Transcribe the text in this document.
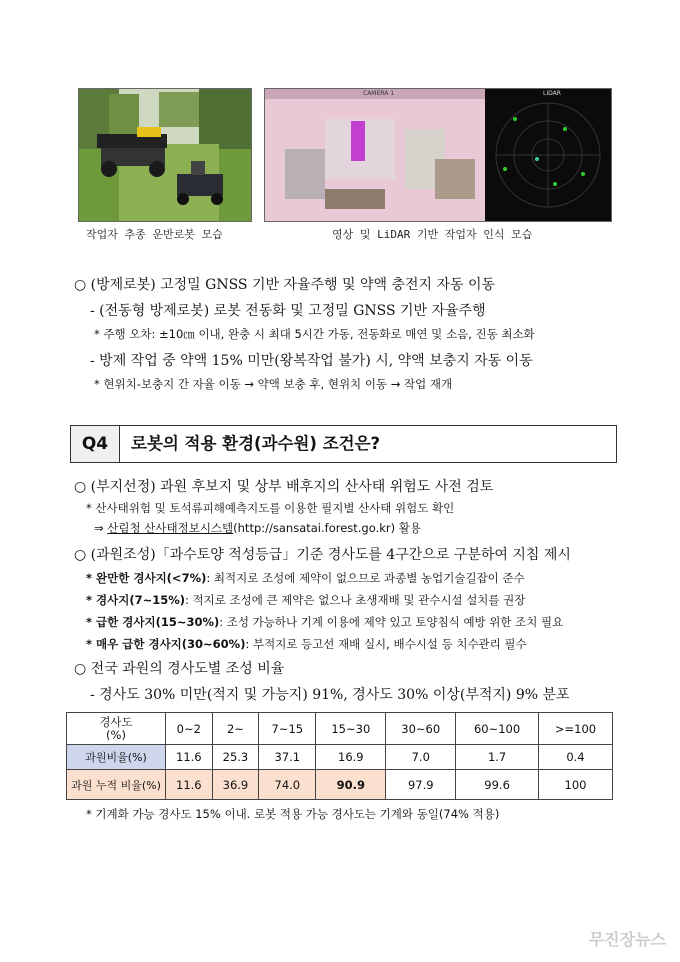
작업자 추종 운반로봇 모습
CAMERA 1	LIDAR
영상 및 LiDAR 기반 작업자 인식 모습
○ (방제로봇) 고정밀 GNSS 기반 자율주행 및 약액 충전지 자동 이동
- (전동형 방제로봇) 로봇 전동화 및 고정밀 GNSS 기반 자율주행
* 주행 오차: ±10㎝ 이내, 완충 시 최대 5시간 가동, 전동화로 매연 및 소음, 진동 최소화
- 방제 작업 중 약액 15% 미만(왕복작업 불가) 시, 약액 보충지 자동 이동
* 현위치-보충지 간 자율 이동 → 약액 보충 후, 현위치 이동 → 작업 재개
Q4	로봇의 적용 환경(과수원) 조건은?
○ (부지선정) 과원 후보지 및 상부 배후지의 산사태 위험도 사전 검토
* 산사태위험 및 토석류피해예측지도를 이용한 필지별 산사태 위험도 확인
⇒ 산림청 산사태정보시스템(http://sansatai.forest.go.kr) 활용
○ (과원조성)「과수토양 적성등급」기준 경사도를 4구간으로 구분하여 지침 제시
* 완만한 경사지(<7%): 최적지로 조성에 제약이 없으므로 과종별 농업기술길잡이 준수
* 경사지(7~15%): 적지로 조성에 큰 제약은 없으나 초생재배 및 관수시설 설치를 권장
* 급한 경사지(15~30%): 조성 가능하나 기계 이용에 제약 있고 토양침식 예방 위한 조치 필요
* 매우 급한 경사지(30~60%): 부적지로 등고선 재배 실시, 배수시설 등 치수관리 필수
○ 전국 과원의 경사도별 조성 비율
- 경사도 30% 미만(적지 및 가능지) 91%, 경사도 30% 이상(부적지) 9% 분포
경사도
(%)	0~2	2~	7~15	15~30	30~60	60~100	>=100
과원비율(%)	11.6	25.3	37.1	16.9	7.0	1.7	0.4
과원 누적 비율(%)	11.6	36.9	74.0	90.9	97.9	99.6	100
* 기계화 가능 경사도 15% 이내. 로봇 적용 가능 경사도는 기계와 동일(74% 적용)
무진장뉴스
